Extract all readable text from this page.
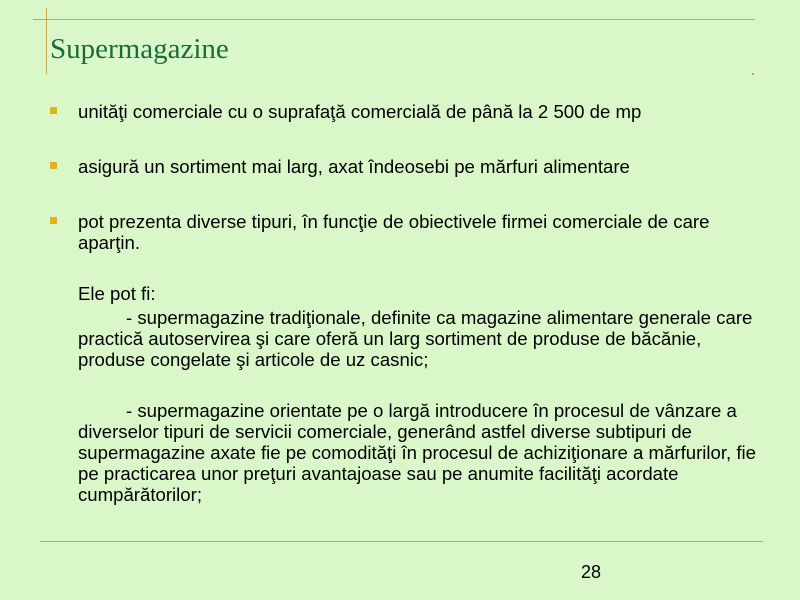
Supermagazine

unităţi comerciale cu o suprafaţă comercială de până la 2 500 de mp

asigură un sortiment mai larg, axat îndeosebi pe mărfuri alimentare

pot prezenta diverse tipuri, în funcţie de obiectivele firmei comerciale de care aparţin.

Ele pot fi:

- supermagazine tradiţionale, definite ca magazine alimentare generale care practică autoservirea şi care oferă un larg sortiment de produse de băcănie, produse congelate şi articole de uz casnic;

- supermagazine orientate pe o largă introducere în procesul de vânzare a diverselor tipuri de servicii comerciale, generând astfel diverse subtipuri de supermagazine axate fie pe comodităţi în procesul de achiziţionare a mărfurilor, fie pe practicarea unor preţuri avantajoase sau pe anumite facilităţi acordate cumpărătorilor;

28
